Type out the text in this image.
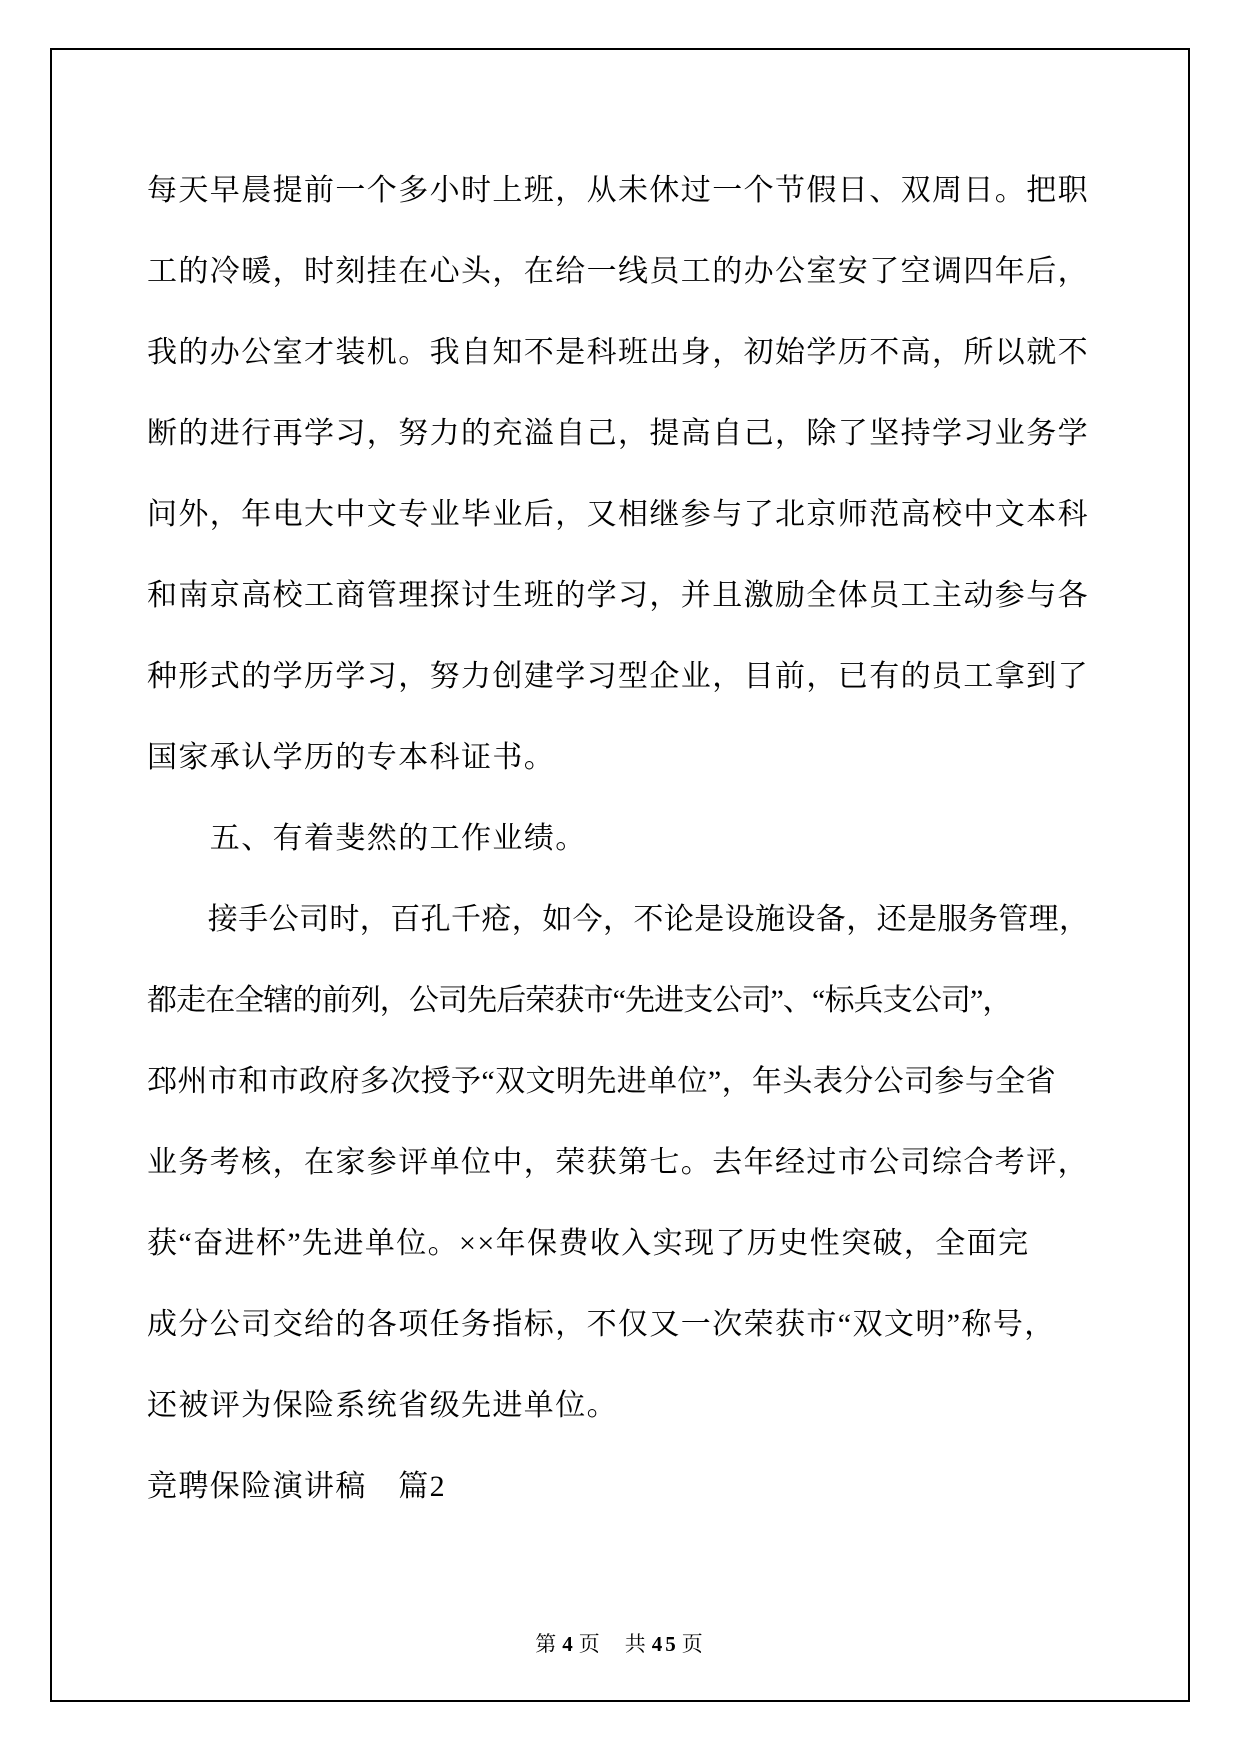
每天早晨提前一个多小时上班，从未休过一个节假日、双周日。把职
工的冷暖，时刻挂在心头，在给一线员工的办公室安了空调四年后，
我的办公室才装机。我自知不是科班出身，初始学历不高，所以就不
断的进行再学习，努力的充溢自己，提高自己，除了坚持学习业务学
问外，年电大中文专业毕业后，又相继参与了北京师范高校中文本科
和南京高校工商管理探讨生班的学习，并且激励全体员工主动参与各
种形式的学历学习，努力创建学习型企业，目前，已有的员工拿到了
国家承认学历的专本科证书。
　　五、有着斐然的工作业绩。
　　接手公司时，百孔千疮，如今，不论是设施设备，还是服务管理，
都走在全辖的前列，公司先后荣获市“先进支公司”、“标兵支公司”，
邳州市和市政府多次授予“双文明先进单位”，年头表分公司参与全省
业务考核，在家参评单位中，荣获第七。去年经过市公司综合考评，
获“奋进杯”先进单位。××年保费收入实现了历史性突破，全面完
成分公司交给的各项任务指标，不仅又一次荣获市“双文明”称号，
还被评为保险系统省级先进单位。
竞聘保险演讲稿　篇2
第 4 页 共 45 页
